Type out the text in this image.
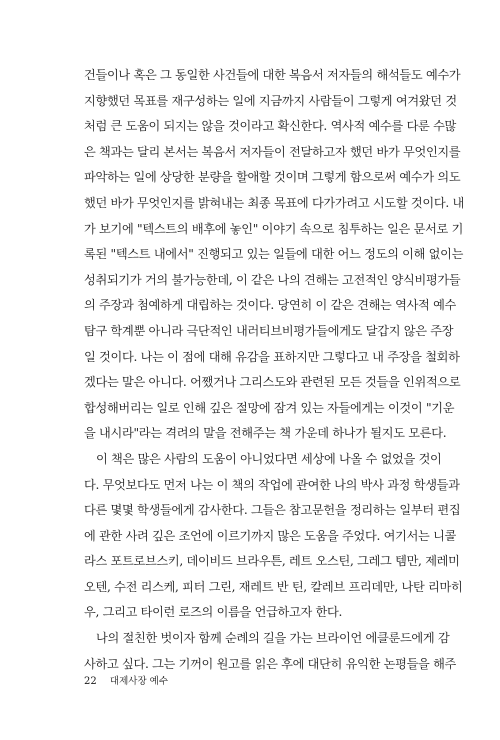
건들이나 혹은 그 동일한 사건들에 대한 복음서 저자들의 해석들도 예수가
지향했던 목표를 재구성하는 일에 지금까지 사람들이 그렇게 여겨왔던 것
처럼 큰 도움이 되지는 않을 것이라고 확신한다. 역사적 예수를 다룬 수많
은 책과는 달리 본서는 복음서 저자들이 전달하고자 했던 바가 무엇인지를
파악하는 일에 상당한 분량을 할애할 것이며 그렇게 함으로써 예수가 의도
했던 바가 무엇인지를 밝혀내는 최종 목표에 다가가려고 시도할 것이다. 내
가 보기에 "텍스트의 배후에 놓인" 이야기 속으로 침투하는 일은 문서로 기
록된 "텍스트 내에서" 진행되고 있는 일들에 대한 어느 정도의 이해 없이는
성취되기가 거의 불가능한데, 이 같은 나의 견해는 고전적인 양식비평가들
의 주장과 첨예하게 대립하는 것이다. 당연히 이 같은 견해는 역사적 예수
탐구 학계뿐 아니라 극단적인 내러티브비평가들에게도 달갑지 않은 주장
일 것이다. 나는 이 점에 대해 유감을 표하지만 그렇다고 내 주장을 철회하
겠다는 말은 아니다. 어쨌거나 그리스도와 관련된 모든 것들을 인위적으로
합성해버리는 일로 인해 깊은 절망에 잠겨 있는 자들에게는 이것이 "기운
을 내시라"라는 격려의 말을 전해주는 책 가운데 하나가 될지도 모른다.
이 책은 많은 사람의 도움이 아니었다면 세상에 나올 수 없었을 것이
다. 무엇보다도 먼저 나는 이 책의 작업에 관여한 나의 박사 과정 학생들과
다른 몇몇 학생들에게 감사한다. 그들은 참고문헌을 정리하는 일부터 편집
에 관한 사려 깊은 조언에 이르기까지 많은 도움을 주었다. 여기서는 니콜
라스 포트로브스키, 데이비드 브라우튼, 레트 오스틴, 그레그 템만, 제레미
오텐, 수전 리스케, 피터 그린, 재레트 반 틴, 칼레브 프리데만, 나탄 리마히
우, 그리고 타이런 로즈의 이름을 언급하고자 한다.
나의 절친한 벗이자 함께 순례의 길을 가는 브라이언 에클룬드에게 감
사하고 싶다. 그는 기꺼이 원고를 읽은 후에 대단히 유익한 논평들을 해주
22 대제사장 예수
